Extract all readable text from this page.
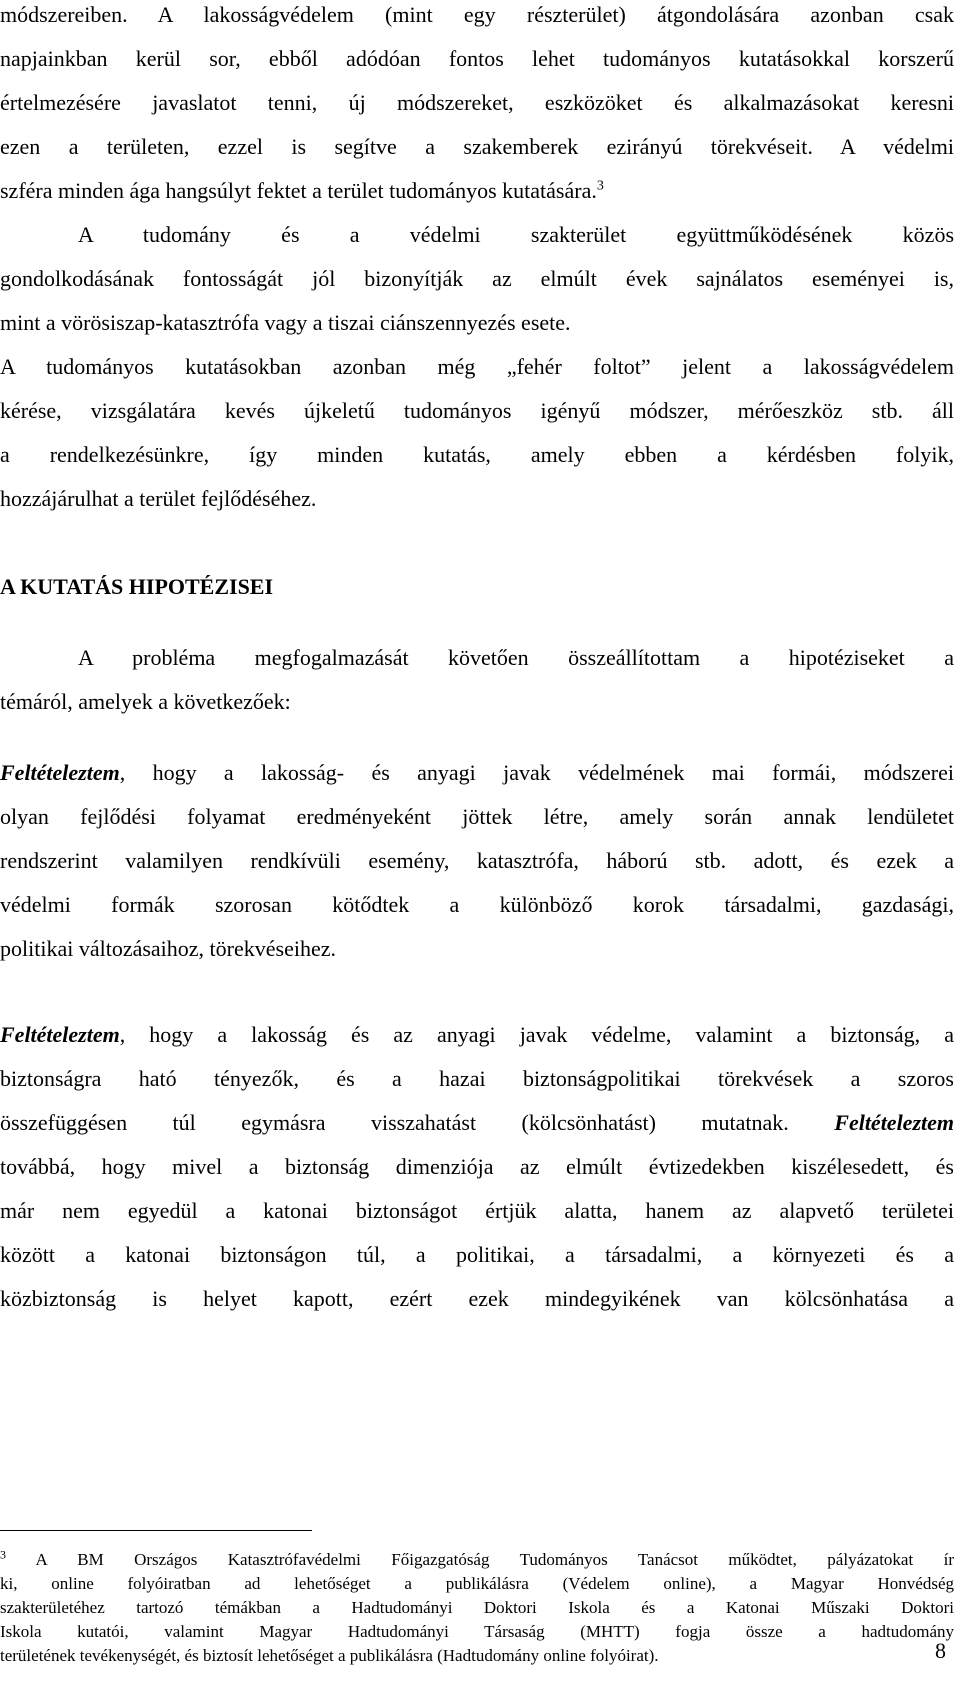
módszereiben. A lakosságvédelem (mint egy részterület) átgondolására azonban csak
napjainkban kerül sor, ebből adódóan fontos lehet tudományos kutatásokkal korszerű
értelmezésére javaslatot tenni, új módszereket, eszközöket és alkalmazásokat keresni
ezen a területen, ezzel is segítve a szakemberek ezirányú törekvéseit. A védelmi
szféra minden ága hangsúlyt fektet a terület tudományos kutatására.$^3$
A tudomány és a védelmi szakterület együttműködésének közös
gondolkodásának fontosságát jól bizonyítják az elmúlt évek sajnálatos eseményei is,
mint a vörösiszap-katasztrófa vagy a tiszai ciánszennyezés esete.
A tudományos kutatásokban azonban még „fehér foltot” jelent a lakosságvédelem
kérése, vizsgálatára kevés újkeletű tudományos igényű módszer, mérőeszköz stb. áll
a rendelkezésünkre, így minden kutatás, amely ebben a kérdésben folyik,
hozzájárulhat a terület fejlődéséhez.
A KUTATÁS HIPOTÉZISEI
A probléma megfogalmazását követően összeállítottam a hipotéziseket a
témáról, amelyek a következőek:
Feltételeztem, hogy a lakosság- és anyagi javak védelmének mai formái, módszerei
olyan fejlődési folyamat eredményeként jöttek létre, amely során annak lendületet
rendszerint valamilyen rendkívüli esemény, katasztrófa, háború stb. adott, és ezek a
védelmi formák szorosan kötődtek a különböző korok társadalmi, gazdasági,
politikai változásaihoz, törekvéseihez.
Feltételeztem, hogy a lakosság és az anyagi javak védelme, valamint a biztonság, a
biztonságra ható tényezők, és a hazai biztonságpolitikai törekvések a szoros
összefüggésen túl egymásra visszahatást (kölcsönhatást) mutatnak. Feltételeztem
továbbá, hogy mivel a biztonság dimenziója az elmúlt évtizedekben kiszélesedett, és
már nem egyedül a katonai biztonságot értjük alatta, hanem az alapvető területei
között a katonai biztonságon túl, a politikai, a társadalmi, a környezeti és a
közbiztonság is helyet kapott, ezért ezek mindegyikének van kölcsönhatása a
$^3$ A BM Országos Katasztrófavédelmi Főigazgatóság Tudományos Tanácsot működtet, pályázatokat ír
ki, online folyóiratban ad lehetőséget a publikálásra (Védelem online), a Magyar Honvédség
szakterületéhez tartozó témákban a Hadtudományi Doktori Iskola és a Katonai Műszaki Doktori
Iskola kutatói, valamint Magyar Hadtudományi Társaság (MHTT) fogja össze a hadtudomány
területének tevékenységét, és biztosít lehetőséget a publikálásra (Hadtudomány online folyóirat).	8
